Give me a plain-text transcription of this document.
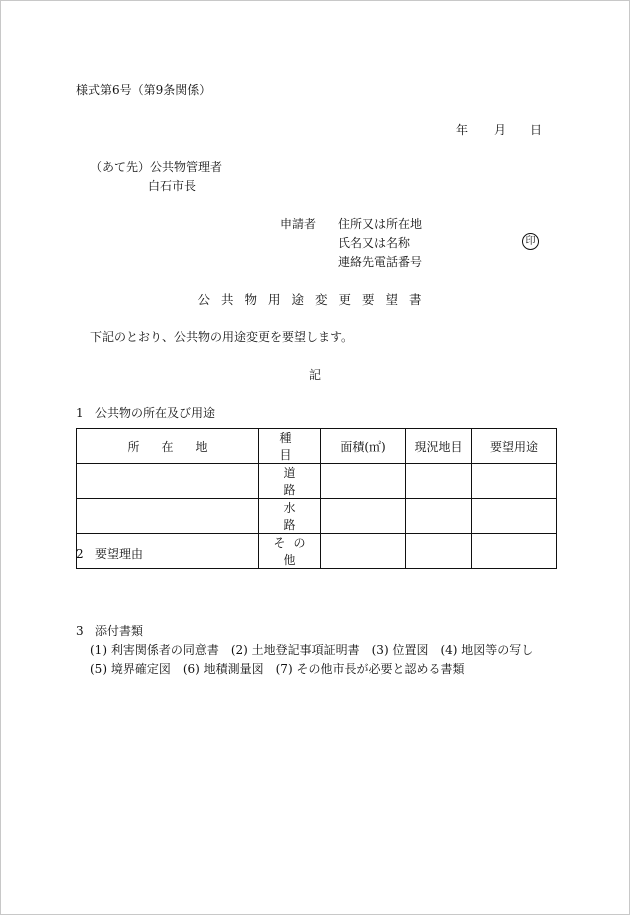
様式第6号（第9条関係）
年 月 日
（あて先）公共物管理者
白石市長
申請者 住所又は所在地
氏名又は名称
連絡先電話番号
印
公共物用途変更要望書
下記のとおり、公共物の用途変更を要望します。
記
1 公共物の所在及び用途
所在地	種目	面積(㎡)	現況地目	要望用途
	道路			
	水路			
	その他			
2 要望理由
3 添付書類
(1) 利害関係者の同意書　(2) 土地登記事項証明書　(3) 位置図　(4) 地図等の写し
(5) 境界確定図　(6) 地積測量図　(7) その他市長が必要と認める書類
